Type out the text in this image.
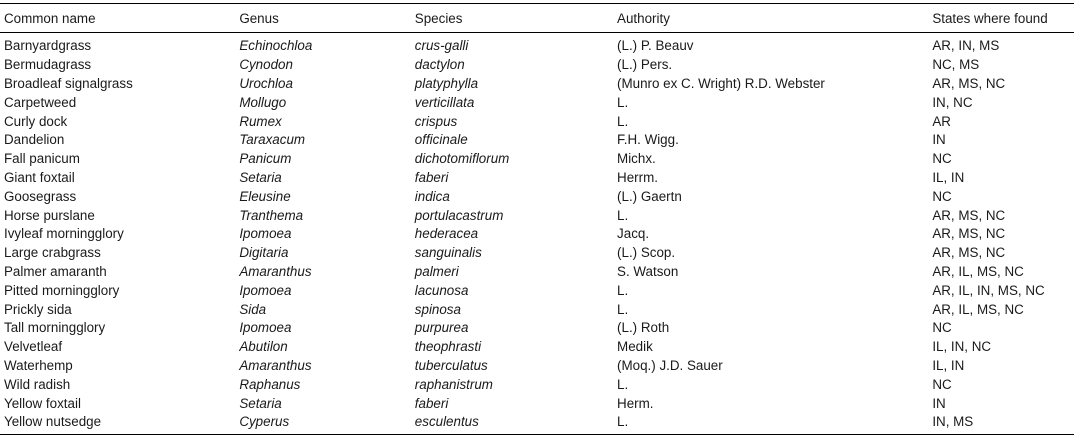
Common name	Genus	Species	Authority	States where found
Barnyardgrass	Echinochloa	crus-galli	(L.) P. Beauv	AR, IN, MS
Bermudagrass	Cynodon	dactylon	(L.) Pers.	NC, MS
Broadleaf signalgrass	Urochloa	platyphylla	(Munro ex C. Wright) R.D. Webster	AR, MS, NC
Carpetweed	Mollugo	verticillata	L.	IN, NC
Curly dock	Rumex	crispus	L.	AR
Dandelion	Taraxacum	officinale	F.H. Wigg.	IN
Fall panicum	Panicum	dichotomiflorum	Michx.	NC
Giant foxtail	Setaria	faberi	Herrm.	IL, IN
Goosegrass	Eleusine	indica	(L.) Gaertn	NC
Horse purslane	Tranthema	portulacastrum	L.	AR, MS, NC
Ivyleaf morningglory	Ipomoea	hederacea	Jacq.	AR, MS, NC
Large crabgrass	Digitaria	sanguinalis	(L.) Scop.	AR, MS, NC
Palmer amaranth	Amaranthus	palmeri	S. Watson	AR, IL, MS, NC
Pitted morningglory	Ipomoea	lacunosa	L.	AR, IL, IN, MS, NC
Prickly sida	Sida	spinosa	L.	AR, IL, MS, NC
Tall morningglory	Ipomoea	purpurea	(L.) Roth	NC
Velvetleaf	Abutilon	theophrasti	Medik	IL, IN, NC
Waterhemp	Amaranthus	tuberculatus	(Moq.) J.D. Sauer	IL, IN
Wild radish	Raphanus	raphanistrum	L.	NC
Yellow foxtail	Setaria	faberi	Herm.	IN
Yellow nutsedge	Cyperus	esculentus	L.	IN, MS
